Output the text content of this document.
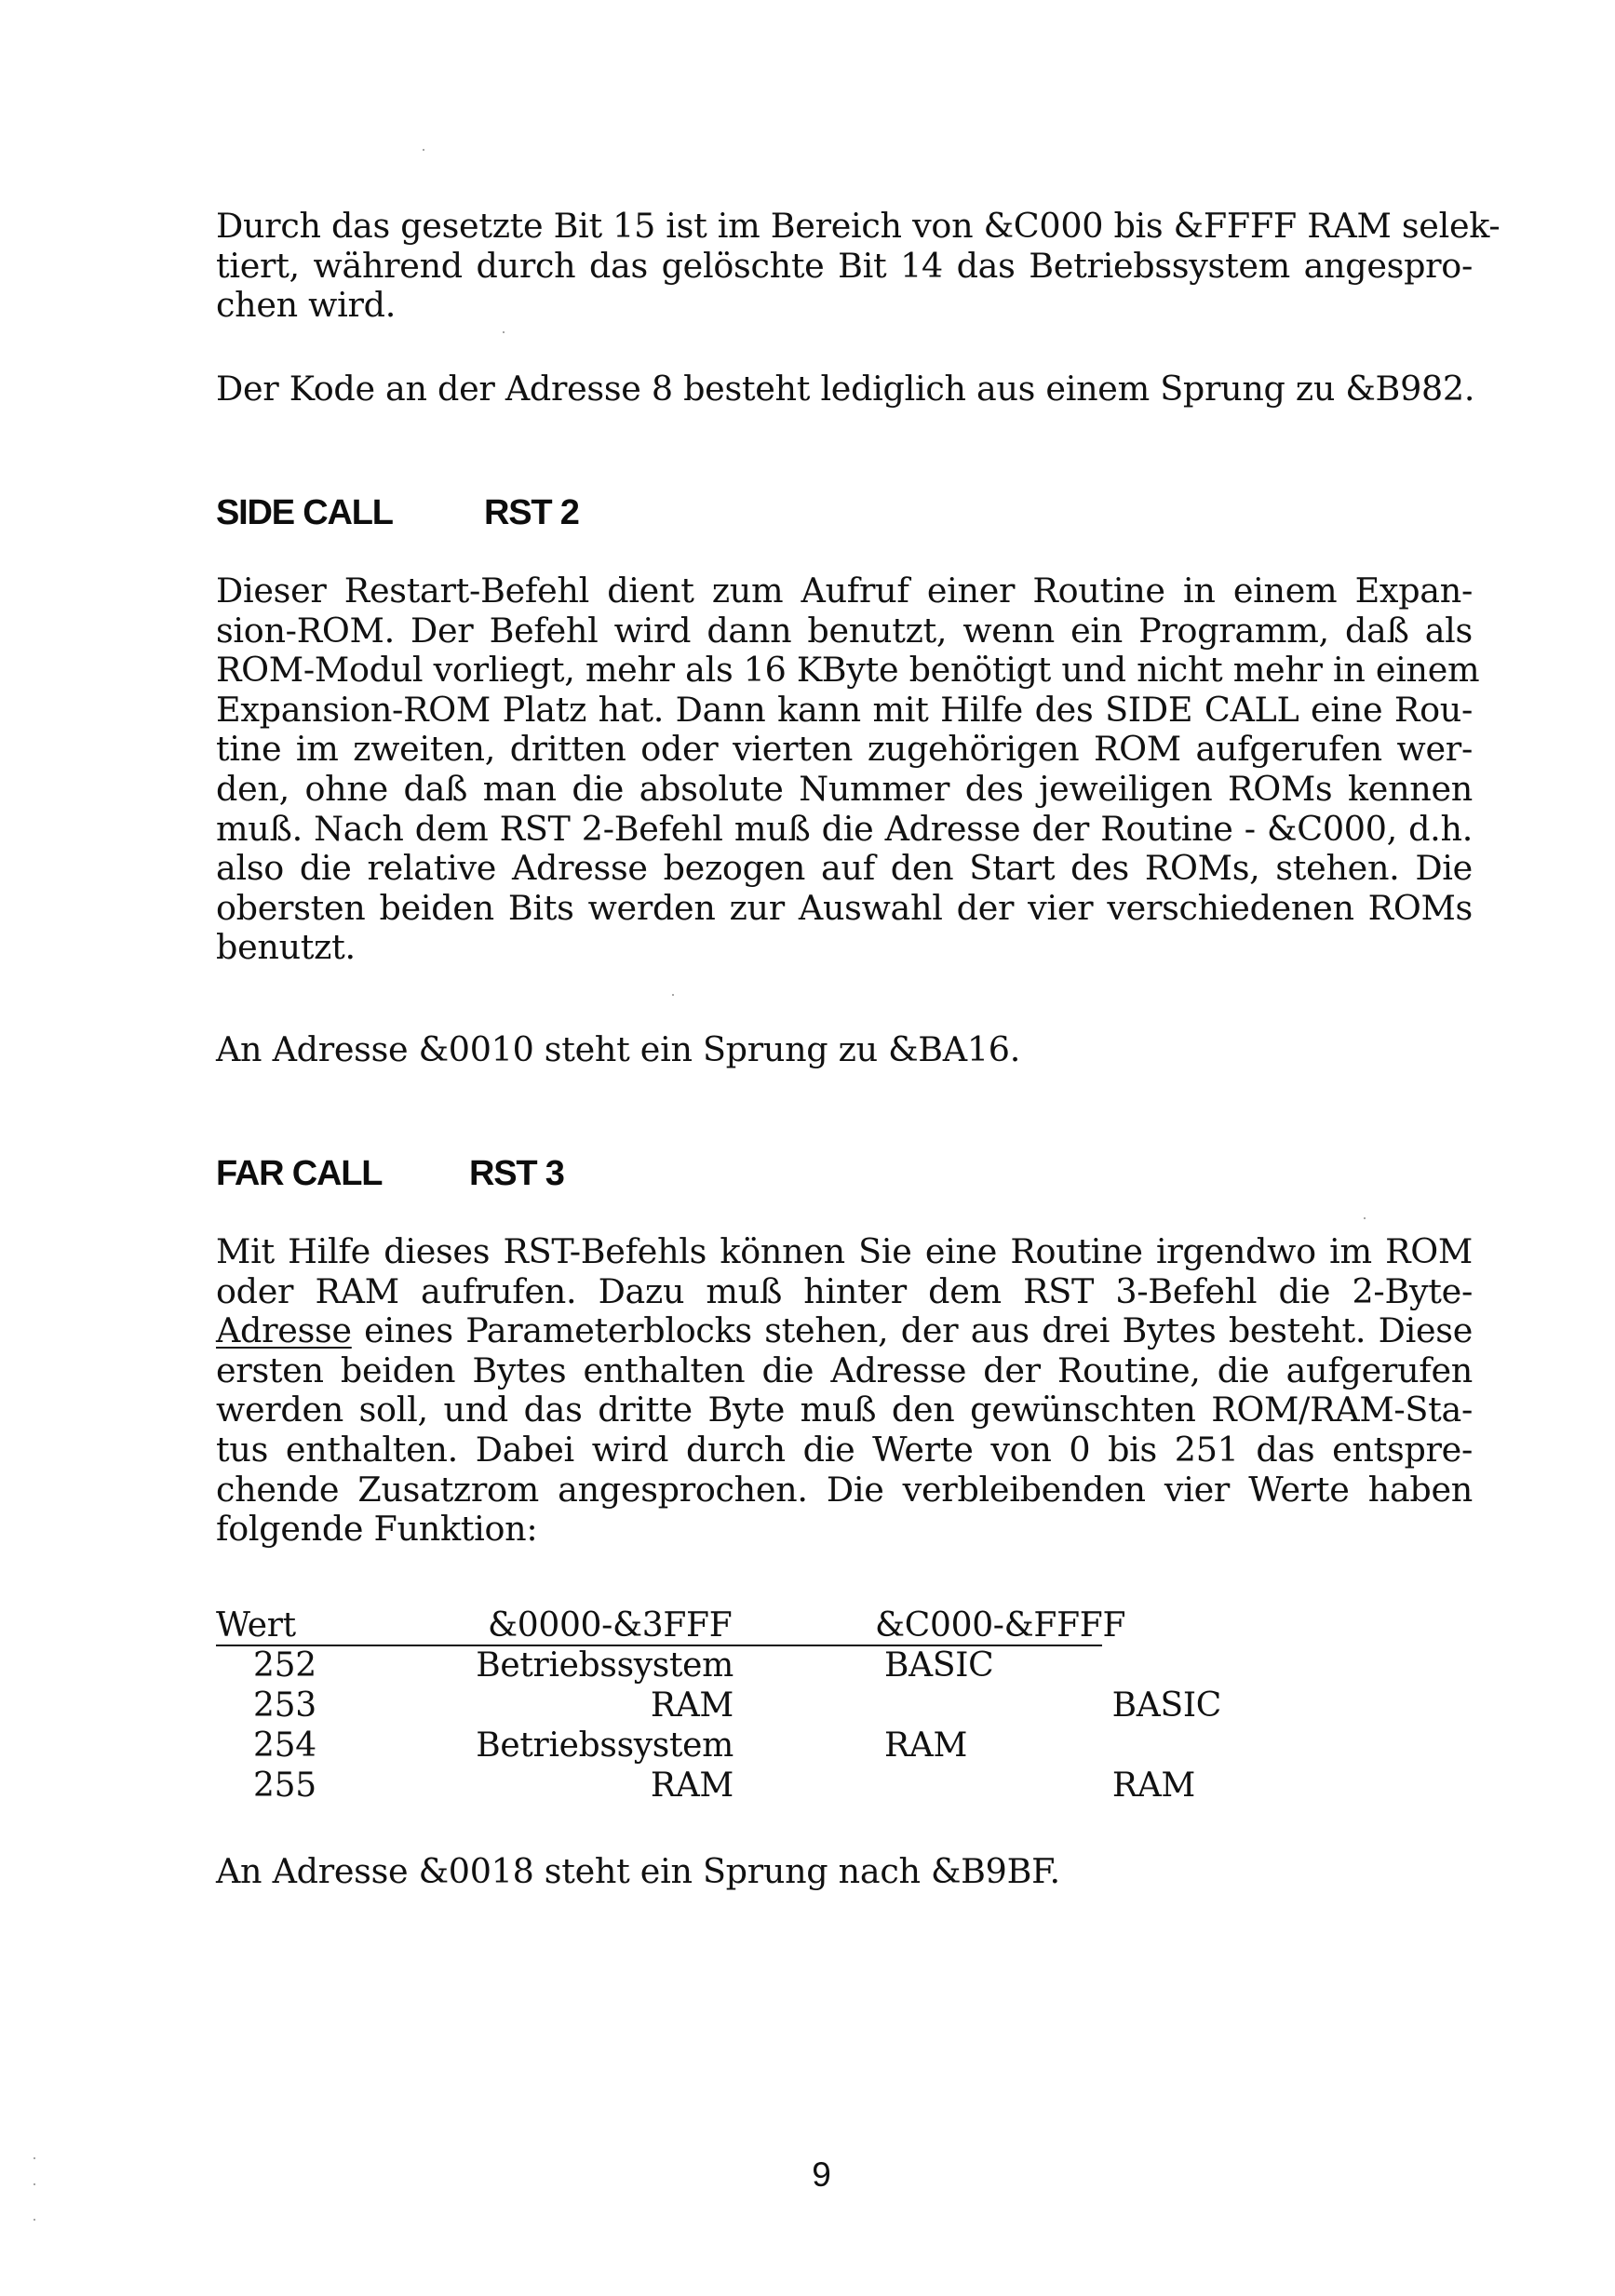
Durch das gesetzte Bit 15 ist im Bereich von &C000 bis &FFFF RAM selek-
tiert, während durch das gelöschte Bit 14 das Betriebssystem angespro-
chen wird.

Der Kode an der Adresse 8 besteht lediglich aus einem Sprung zu &B982.

SIDE CALL	RST 2

Dieser Restart-Befehl dient zum Aufruf einer Routine in einem Expan-
sion-ROM. Der Befehl wird dann benutzt, wenn ein Programm, daß als
ROM-Modul vorliegt, mehr als 16 KByte benötigt und nicht mehr in einem
Expansion-ROM Platz hat. Dann kann mit Hilfe des SIDE CALL eine Rou-
tine im zweiten, dritten oder vierten zugehörigen ROM aufgerufen wer-
den, ohne daß man die absolute Nummer des jeweiligen ROMs kennen
muß. Nach dem RST 2-Befehl muß die Adresse der Routine - &C000, d.h.
also die relative Adresse bezogen auf den Start des ROMs, stehen. Die
obersten beiden Bits werden zur Auswahl der vier verschiedenen ROMs
benutzt.

An Adresse &0010 steht ein Sprung zu &BA16.

FAR CALL RST 3

Mit Hilfe dieses RST-Befehls können Sie eine Routine irgendwo im ROM
oder RAM aufrufen. Dazu muß hinter dem RST 3-Befehl die 2-Byte-
Adresse eines Parameterblocks stehen, der aus drei Bytes besteht. Diese
ersten beiden Bytes enthalten die Adresse der Routine, die aufgerufen
werden soll, und das dritte Byte muß den gewünschten ROM/RAM-Sta-
tus enthalten. Dabei wird durch die Werte von 0 bis 251 das entspre-
chende Zusatzrom angesprochen. Die verbleibenden vier Werte haben
folgende Funktion:

Wert	&0000-&3FFF	&C000-&FFFF
252	Betriebssystem	BASIC
253	RAM	BASIC
254	Betriebssystem	RAM
255	RAM	RAM

An Adresse &0018 steht ein Sprung nach &B9BF.

9
